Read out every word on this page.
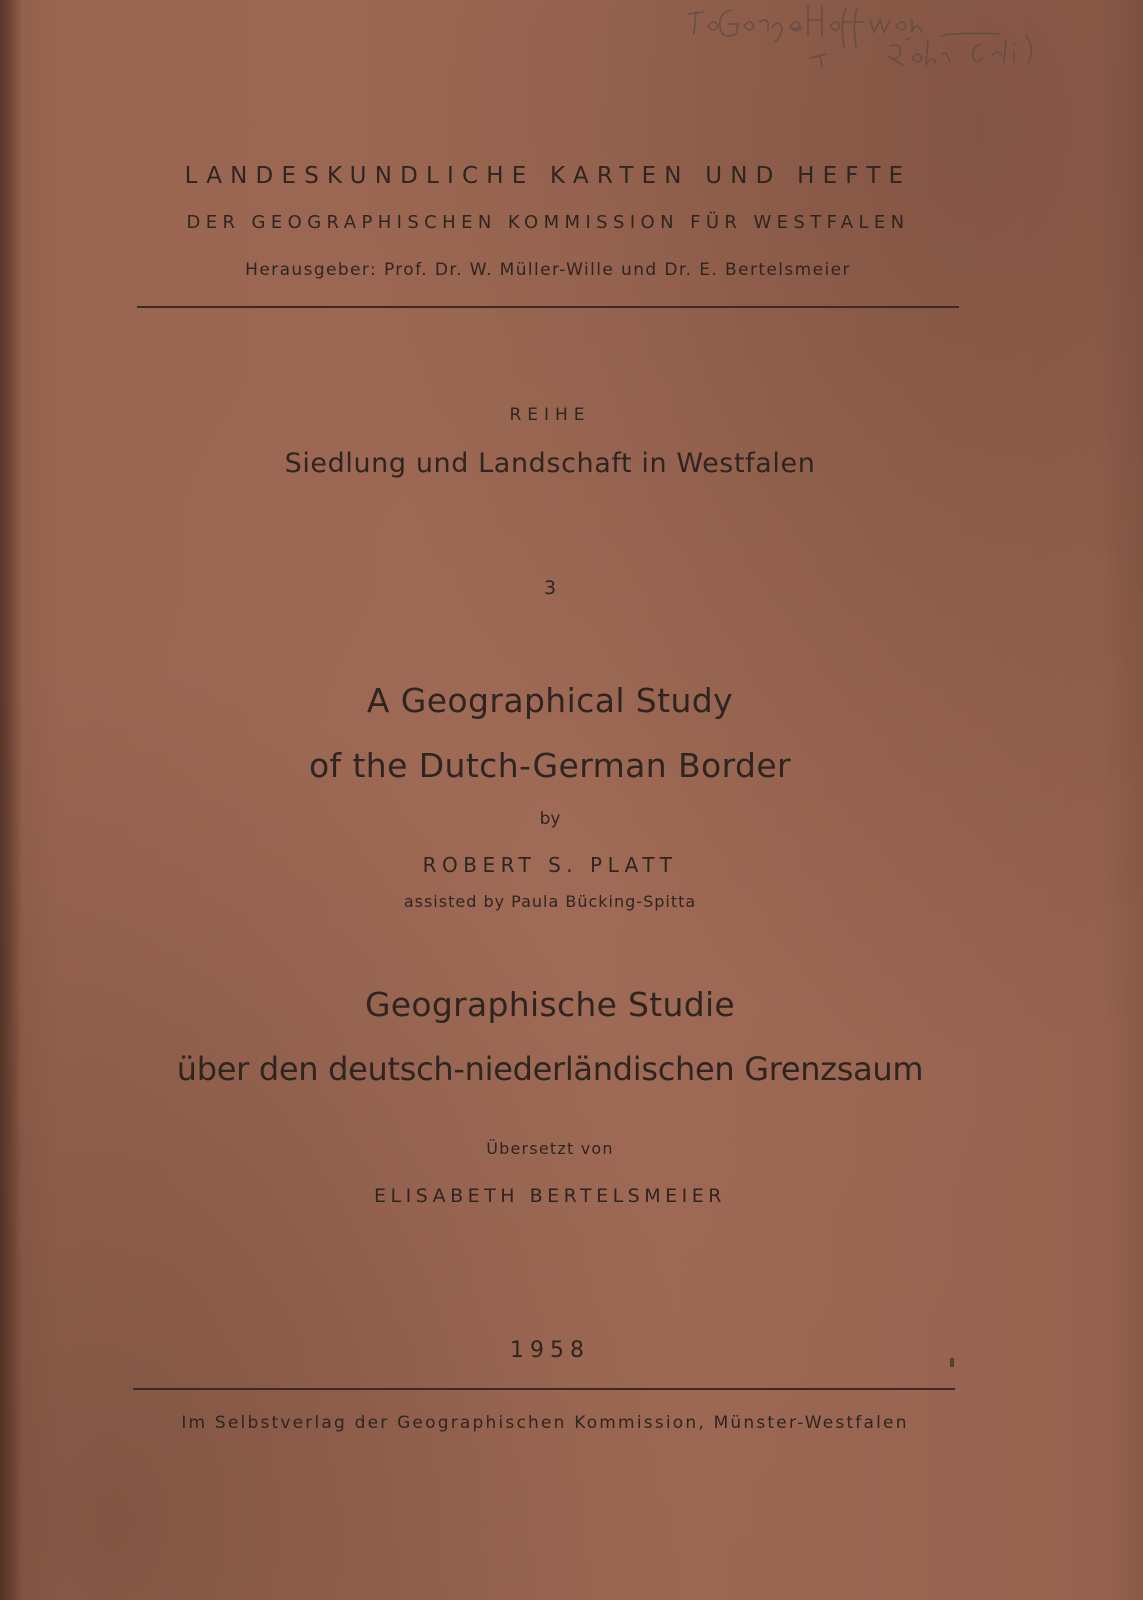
LANDESKUNDLICHE KARTEN UND HEFTE
DER GEOGRAPHISCHEN KOMMISSION FÜR WESTFALEN
Herausgeber: Prof. Dr. W. Müller-Wille und Dr. E. Bertelsmeier
REIHE
Siedlung und Landschaft in Westfalen
3
A Geographical Study
of the Dutch-German Border
by
ROBERT S. PLATT
assisted by Paula Bücking-Spitta
Geographische Studie
über den deutsch-niederländischen Grenzsaum
Übersetzt von
ELISABETH BERTELSMEIER
1958
Im Selbstverlag der Geographischen Kommission, Münster-Westfalen
